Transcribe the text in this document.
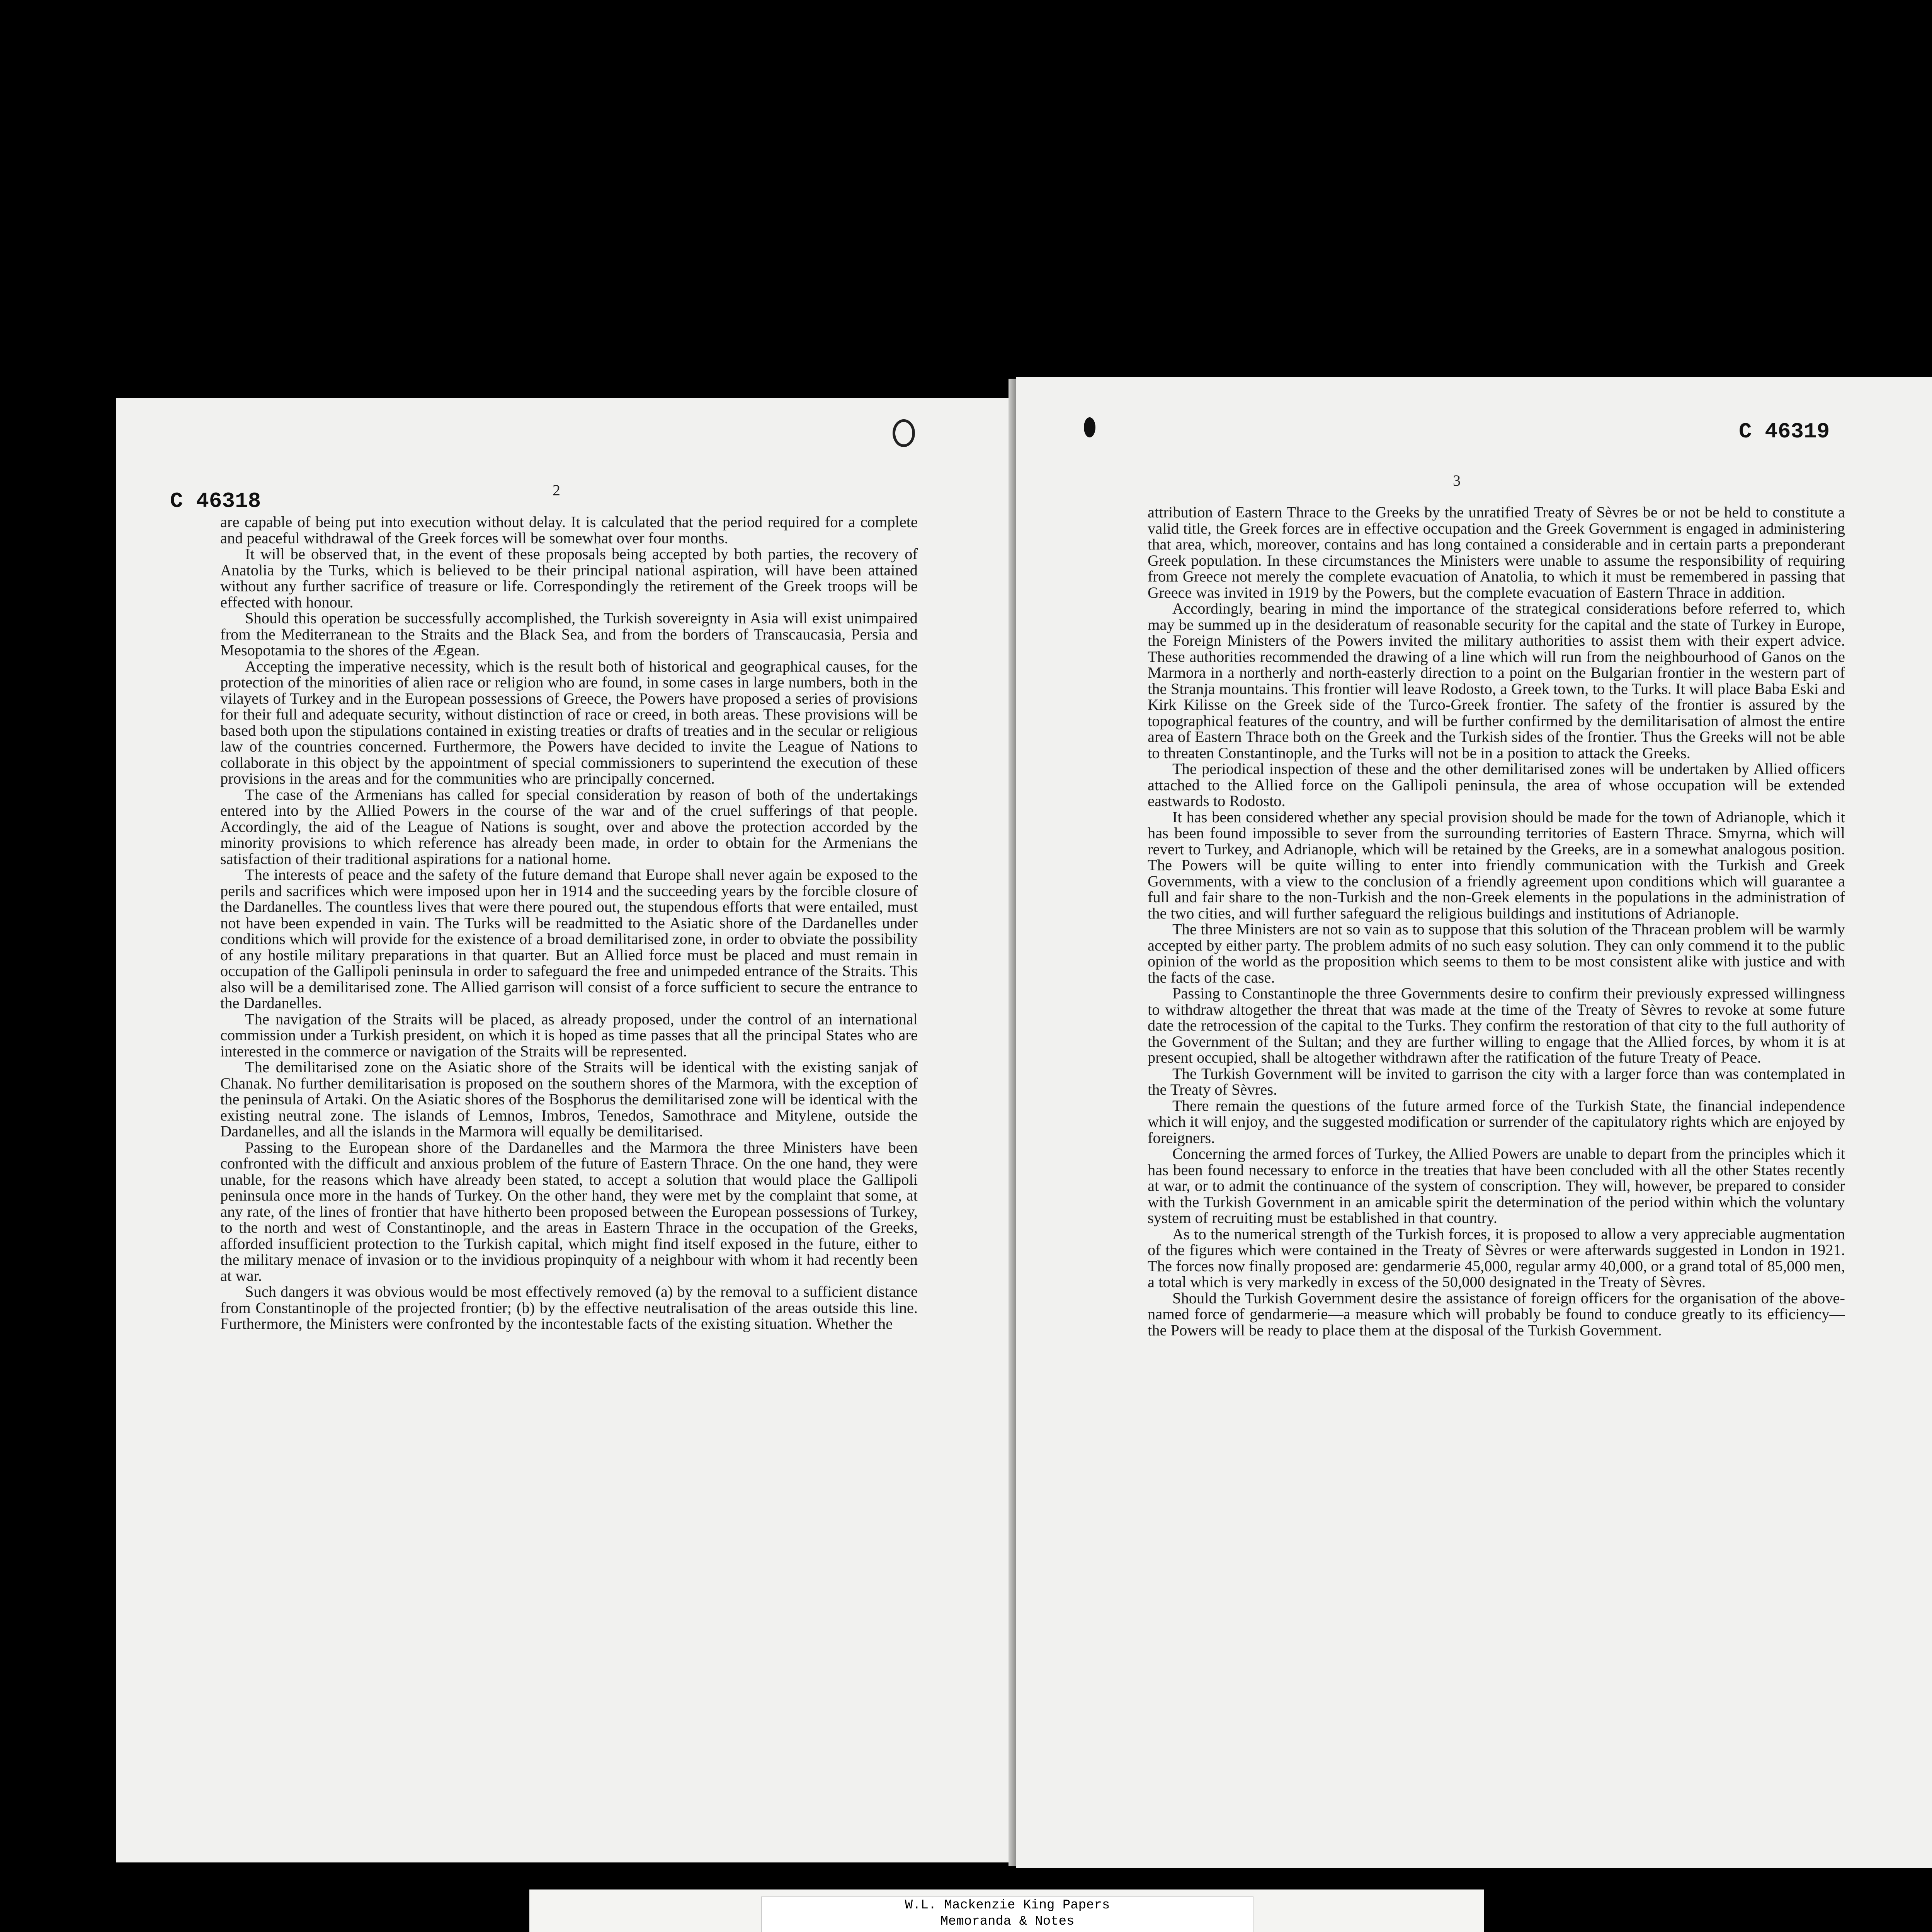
C 46318	2

are capable of being put into execution without delay. It is calculated that the period required for a complete and peaceful withdrawal of the Greek forces will be somewhat over four months.

It will be observed that, in the event of these proposals being accepted by both parties, the recovery of Anatolia by the Turks, which is believed to be their principal national aspiration, will have been attained without any further sacrifice of treasure or life. Correspondingly the retirement of the Greek troops will be effected with honour.

Should this operation be successfully accomplished, the Turkish sovereignty in Asia will exist unimpaired from the Mediterranean to the Straits and the Black Sea, and from the borders of Transcaucasia, Persia and Mesopotamia to the shores of the Ægean.

Accepting the imperative necessity, which is the result both of historical and geographical causes, for the protection of the minorities of alien race or religion who are found, in some cases in large numbers, both in the vilayets of Turkey and in the European possessions of Greece, the Powers have proposed a series of provisions for their full and adequate security, without distinction of race or creed, in both areas. These provisions will be based both upon the stipulations contained in existing treaties or drafts of treaties and in the secular or religious law of the countries concerned. Furthermore, the Powers have decided to invite the League of Nations to collaborate in this object by the appointment of special commissioners to superintend the execution of these provisions in the areas and for the communities who are principally concerned.

The case of the Armenians has called for special consideration by reason of both of the undertakings entered into by the Allied Powers in the course of the war and of the cruel sufferings of that people. Accordingly, the aid of the League of Nations is sought, over and above the protection accorded by the minority provisions to which reference has already been made, in order to obtain for the Armenians the satisfaction of their traditional aspirations for a national home.

The interests of peace and the safety of the future demand that Europe shall never again be exposed to the perils and sacrifices which were imposed upon her in 1914 and the succeeding years by the forcible closure of the Dardanelles. The countless lives that were there poured out, the stupendous efforts that were entailed, must not have been expended in vain. The Turks will be readmitted to the Asiatic shore of the Dardanelles under conditions which will provide for the existence of a broad demilitarised zone, in order to obviate the possibility of any hostile military preparations in that quarter. But an Allied force must be placed and must remain in occupation of the Gallipoli peninsula in order to safeguard the free and unimpeded entrance of the Straits. This also will be a demilitarised zone. The Allied garrison will consist of a force sufficient to secure the entrance to the Dardanelles.

The navigation of the Straits will be placed, as already proposed, under the control of an international commission under a Turkish president, on which it is hoped as time passes that all the principal States who are interested in the commerce or navigation of the Straits will be represented.

The demilitarised zone on the Asiatic shore of the Straits will be identical with the existing sanjak of Chanak. No further demilitarisation is proposed on the southern shores of the Marmora, with the exception of the peninsula of Artaki. On the Asiatic shores of the Bosphorus the demilitarised zone will be identical with the existing neutral zone. The islands of Lemnos, Imbros, Tenedos, Samothrace and Mitylene, outside the Dardanelles, and all the islands in the Marmora will equally be demilitarised.

Passing to the European shore of the Dardanelles and the Marmora the three Ministers have been confronted with the difficult and anxious problem of the future of Eastern Thrace. On the one hand, they were unable, for the reasons which have already been stated, to accept a solution that would place the Gallipoli peninsula once more in the hands of Turkey. On the other hand, they were met by the complaint that some, at any rate, of the lines of frontier that have hitherto been proposed between the European possessions of Turkey, to the north and west of Constantinople, and the areas in Eastern Thrace in the occupation of the Greeks, afforded insufficient protection to the Turkish capital, which might find itself exposed in the future, either to the military menace of invasion or to the invidious propinquity of a neighbour with whom it had recently been at war.

Such dangers it was obvious would be most effectively removed (a) by the removal to a sufficient distance from Constantinople of the projected frontier; (b) by the effective neutralisation of the areas outside this line. Furthermore, the Ministers were confronted by the incontestable facts of the existing situation. Whether the

C 46319
3

attribution of Eastern Thrace to the Greeks by the unratified Treaty of Sèvres be or not be held to constitute a valid title, the Greek forces are in effective occupation and the Greek Government is engaged in administering that area, which, moreover, contains and has long contained a considerable and in certain parts a preponderant Greek population. In these circumstances the Ministers were unable to assume the responsibility of requiring from Greece not merely the complete evacuation of Anatolia, to which it must be remembered in passing that Greece was invited in 1919 by the Powers, but the complete evacuation of Eastern Thrace in addition.

Accordingly, bearing in mind the importance of the strategical considerations before referred to, which may be summed up in the desideratum of reasonable security for the capital and the state of Turkey in Europe, the Foreign Ministers of the Powers invited the military authorities to assist them with their expert advice. These authorities recommended the drawing of a line which will run from the neighbourhood of Ganos on the Marmora in a northerly and north-easterly direction to a point on the Bulgarian frontier in the western part of the Stranja mountains. This frontier will leave Rodosto, a Greek town, to the Turks. It will place Baba Eski and Kirk Kilisse on the Greek side of the Turco-Greek frontier. The safety of the frontier is assured by the topographical features of the country, and will be further confirmed by the demilitarisation of almost the entire area of Eastern Thrace both on the Greek and the Turkish sides of the frontier. Thus the Greeks will not be able to threaten Constantinople, and the Turks will not be in a position to attack the Greeks.

The periodical inspection of these and the other demilitarised zones will be undertaken by Allied officers attached to the Allied force on the Gallipoli peninsula, the area of whose occupation will be extended eastwards to Rodosto.

It has been considered whether any special provision should be made for the town of Adrianople, which it has been found impossible to sever from the surrounding territories of Eastern Thrace. Smyrna, which will revert to Turkey, and Adrianople, which will be retained by the Greeks, are in a somewhat analogous position. The Powers will be quite willing to enter into friendly communication with the Turkish and Greek Governments, with a view to the conclusion of a friendly agreement upon conditions which will guarantee a full and fair share to the non-Turkish and the non-Greek elements in the populations in the administration of the two cities, and will further safeguard the religious buildings and institutions of Adrianople.

The three Ministers are not so vain as to suppose that this solution of the Thracean problem will be warmly accepted by either party. The problem admits of no such easy solution. They can only commend it to the public opinion of the world as the proposition which seems to them to be most consistent alike with justice and with the facts of the case.

Passing to Constantinople the three Governments desire to confirm their previously expressed willingness to withdraw altogether the threat that was made at the time of the Treaty of Sèvres to revoke at some future date the retrocession of the capital to the Turks. They confirm the restoration of that city to the full authority of the Government of the Sultan; and they are further willing to engage that the Allied forces, by whom it is at present occupied, shall be altogether withdrawn after the ratification of the future Treaty of Peace.

The Turkish Government will be invited to garrison the city with a larger force than was contemplated in the Treaty of Sèvres.

There remain the questions of the future armed force of the Turkish State, the financial independence which it will enjoy, and the suggested modification or surrender of the capitulatory rights which are enjoyed by foreigners.

Concerning the armed forces of Turkey, the Allied Powers are unable to depart from the principles which it has been found necessary to enforce in the treaties that have been concluded with all the other States recently at war, or to admit the continuance of the system of conscription. They will, however, be prepared to consider with the Turkish Government in an amicable spirit the determination of the period within which the voluntary system of recruiting must be established in that country.

As to the numerical strength of the Turkish forces, it is proposed to allow a very appreciable augmentation of the figures which were contained in the Treaty of Sèvres or were afterwards suggested in London in 1921. The forces now finally proposed are: gendarmerie 45,000, regular army 40,000, or a grand total of 85,000 men, a total which is very markedly in excess of the 50,000 designated in the Treaty of Sèvres.

Should the Turkish Government desire the assistance of foreign officers for the organisation of the above-named force of gendarmerie—a measure which will probably be found to conduce greatly to its efficiency—the Powers will be ready to place them at the disposal of the Turkish Government.

W.L. Mackenzie King Papers
Memoranda & Notes
